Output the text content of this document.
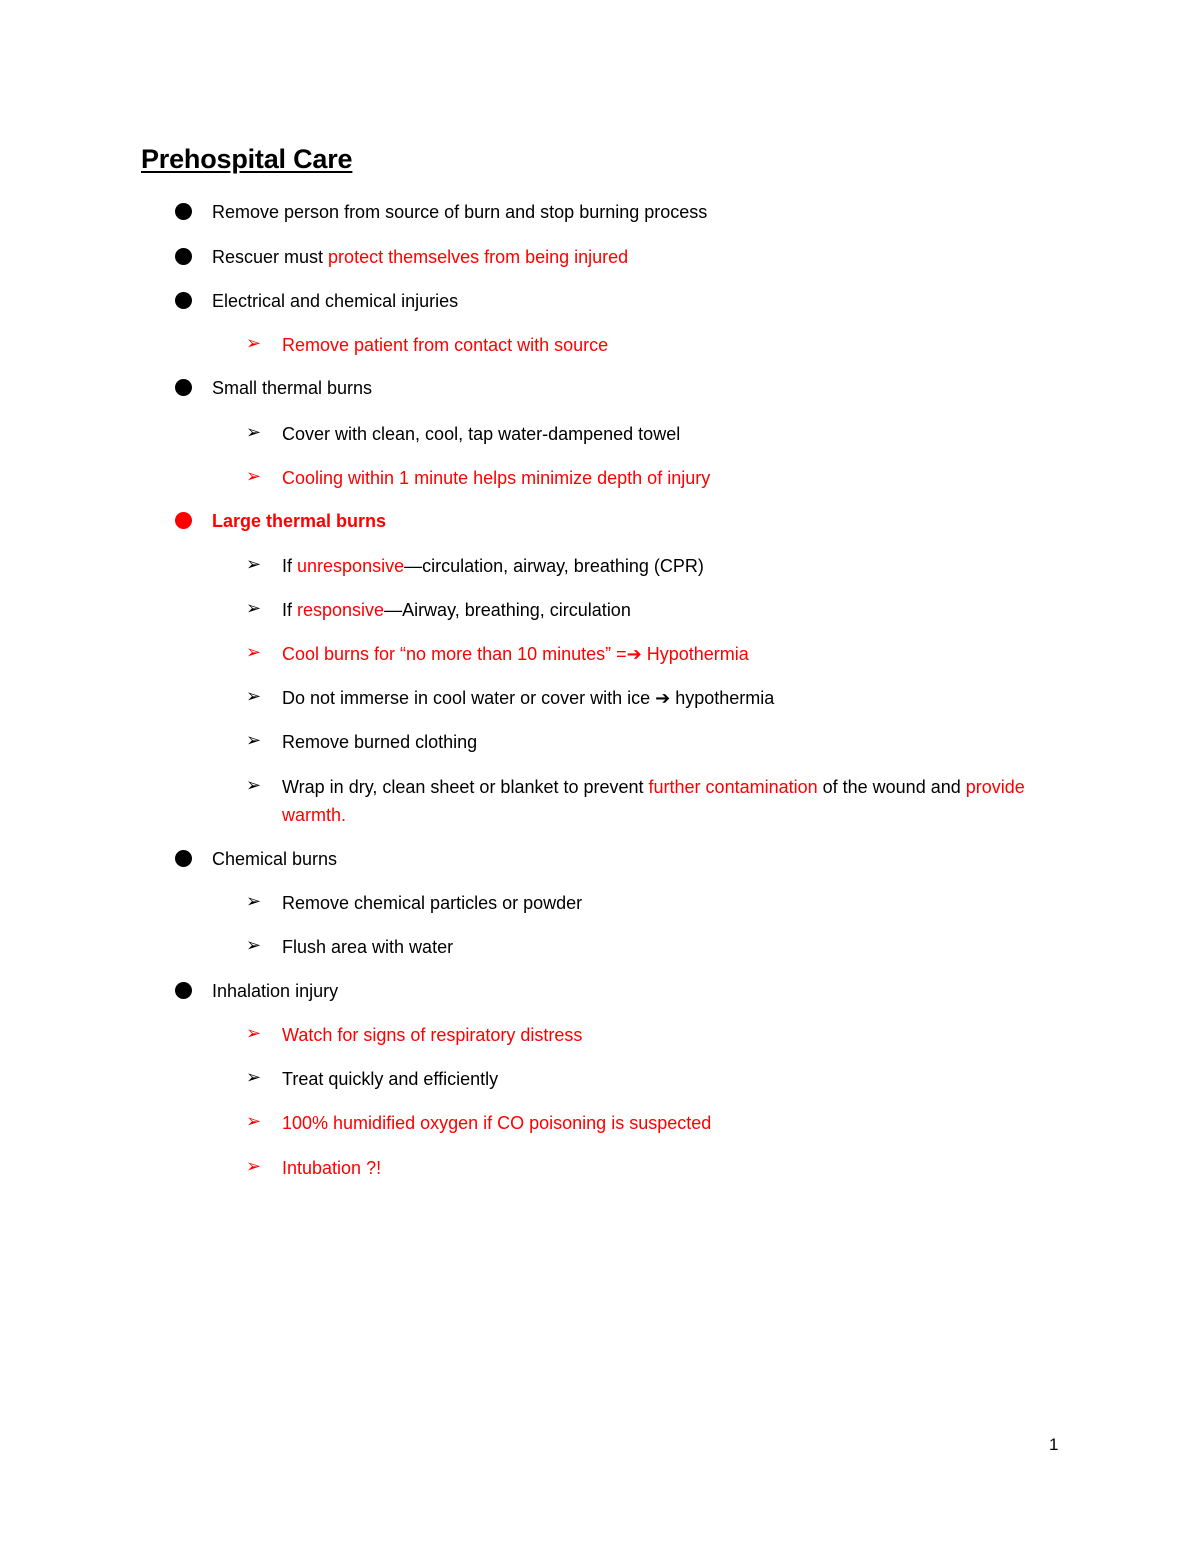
Prehospital Care
Remove person from source of burn and stop burning process
Rescuer must protect themselves from being injured
Electrical and chemical injuries
➢ Remove patient from contact with source
Small thermal burns
➢ Cover with clean, cool, tap water-dampened towel
➢ Cooling within 1 minute helps minimize depth of injury
Large thermal burns
➢ If unresponsive—circulation, airway, breathing (CPR)
➢ If responsive—Airway, breathing, circulation
➢ Cool burns for “no more than 10 minutes” =➔ Hypothermia
➢ Do not immerse in cool water or cover with ice ➔ hypothermia
➢ Remove burned clothing
➢ Wrap in dry, clean sheet or blanket to prevent further contamination of the wound and provide warmth.
Chemical burns
➢ Remove chemical particles or powder
➢ Flush area with water
Inhalation injury
➢ Watch for signs of respiratory distress
➢ Treat quickly and efficiently
➢ 100% humidified oxygen if CO poisoning is suspected
➢ Intubation ?!
1
